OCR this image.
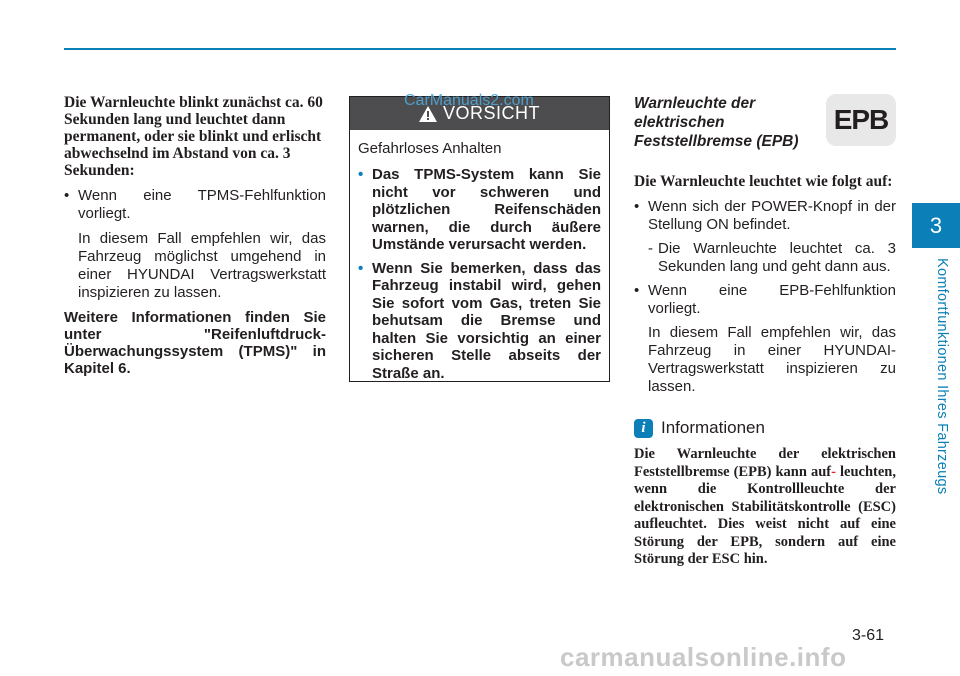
Die Warnleuchte blinkt zunächst ca. 60 Sekunden lang und leuchtet dann permanent, oder sie blinkt und erlischt abwechselnd im Abstand von ca. 3 Sekunden:

• Wenn eine TPMS-Fehlfunktion vorliegt.

In diesem Fall empfehlen wir, das Fahrzeug möglichst umgehend in einer HYUNDAI Vertragswerkstatt inspizieren zu lassen.

Weitere Informationen finden Sie unter "Reifenluftdruck-Überwachungssystem (TPMS)" in Kapitel 6.

VORSICHT

Gefahrloses Anhalten

• Das TPMS-System kann Sie nicht vor schweren und plötzlichen Reifenschäden warnen, die durch äußere Umstände verursacht werden.

• Wenn Sie bemerken, dass das Fahrzeug instabil wird, gehen Sie sofort vom Gas, treten Sie behutsam die Bremse und halten Sie vorsichtig an einer sicheren Stelle abseits der Straße an.

CarManuals2.com	Warnleuchte der elektrischen Feststellbremse (EPB)

EPB

Die Warnleuchte leuchtet wie folgt auf:

• Wenn sich der POWER-Knopf in der Stellung ON befindet.

- Die Warnleuchte leuchtet ca. 3 Sekunden lang und geht dann aus.

• Wenn eine EPB-Fehlfunktion vorliegt.

In diesem Fall empfehlen wir, das Fahrzeug in einer HYUNDAI-Vertragswerkstatt inspizieren zu lassen.

i Informationen

Die Warnleuchte der elektrischen Feststellbremse (EPB) kann auf- leuchten, wenn die Kontrollleuchte der elektronischen Stabilitätskontrolle (ESC) aufleuchtet. Dies weist nicht auf eine Störung der EPB, sondern auf eine Störung der ESC hin.

3
Komfortfunktionen Ihres Fahrzeugs
3-61
carmanualsonline.info
